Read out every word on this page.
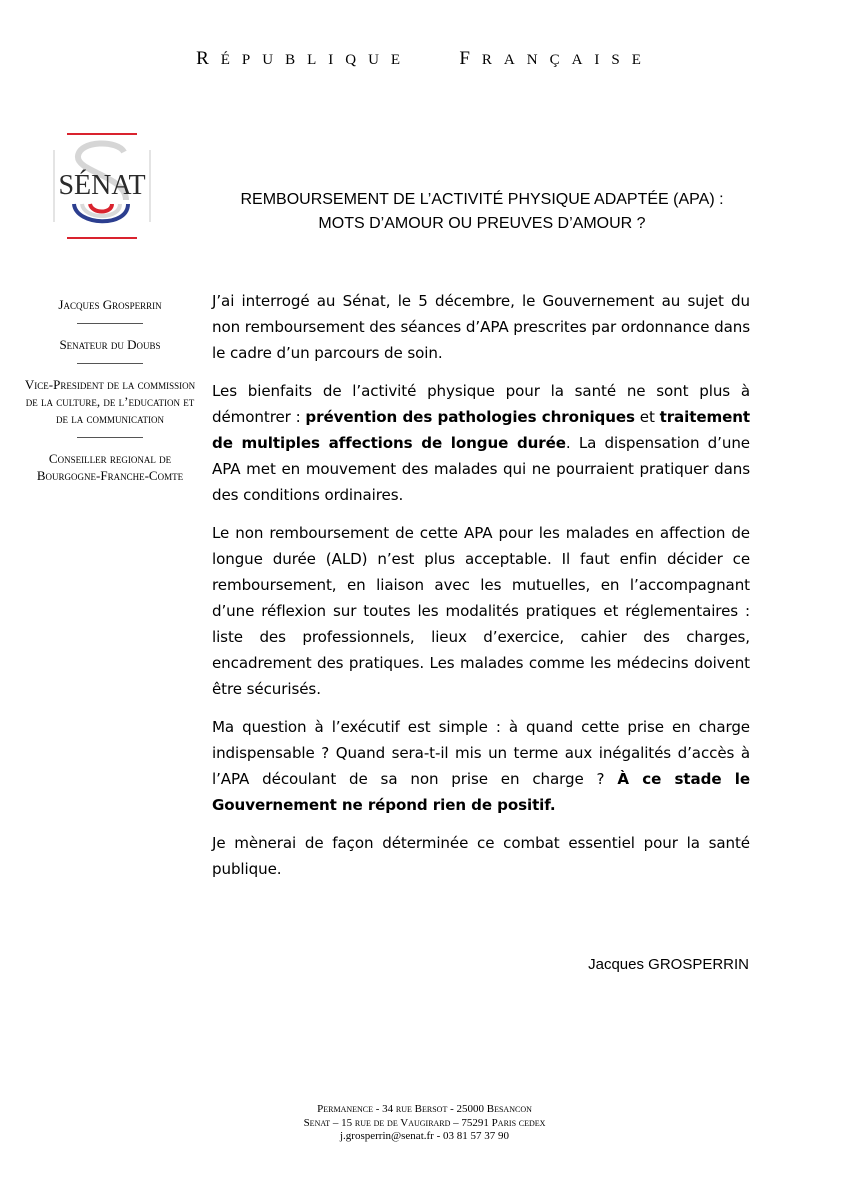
RÉPUBLIQUE FRANÇAISE
SÉNAT	REMBOURSEMENT DE L’ACTIVITÉ PHYSIQUE ADAPTÉE (APA) :
MOTS D’AMOUR OU PREUVES D’AMOUR ?

Jacques Grosperrin

Senateur du Doubs

Vice-President de la commission de la culture, de l’education et de la communication

Conseiller regional de Bourgogne-Franche-Comte

J’ai interrogé au Sénat, le 5 décembre, le Gouvernement au sujet du non remboursement des séances d’APA prescrites par ordonnance dans le cadre d’un parcours de soin.

Les bienfaits de l’activité physique pour la santé ne sont plus à démontrer : prévention des pathologies chroniques et traitement de multiples affections de longue durée. La dispensation d’une APA met en mouvement des malades qui ne pourraient pratiquer dans des conditions ordinaires.

Le non remboursement de cette APA pour les malades en affection de longue durée (ALD) n’est plus acceptable. Il faut enfin décider ce remboursement, en liaison avec les mutuelles, en l’accompagnant d’une réflexion sur toutes les modalités pratiques et réglementaires : liste des professionnels, lieux d’exercice, cahier des charges, encadrement des pratiques. Les malades comme les médecins doivent être sécurisés.

Ma question à l’exécutif est simple : à quand cette prise en charge indispensable ? Quand sera-t-il mis un terme aux inégalités d’accès à l’APA découlant de sa non prise en charge ? À ce stade le Gouvernement ne répond rien de positif.

Je mènerai de façon déterminée ce combat essentiel pour la santé publique.

Jacques GROSPERRIN
Permanence - 34 rue Bersot - 25000 Besancon
Senat – 15 rue de de Vaugirard – 75291 Paris cedex
j.grosperrin@senat.fr - 03 81 57 37 90
